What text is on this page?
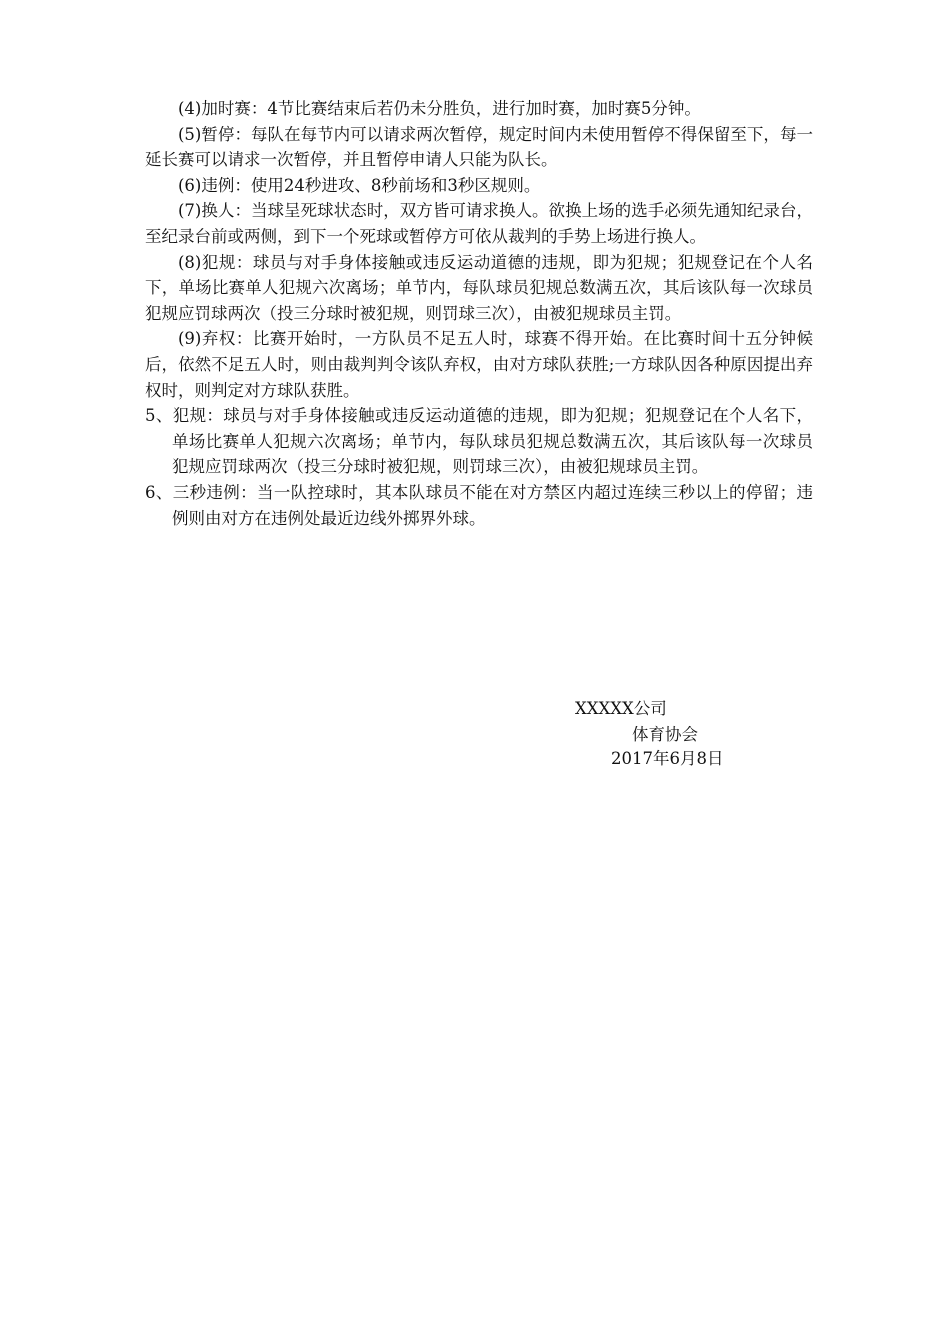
(4)加时赛：4节比赛结束后若仍未分胜负，进行加时赛，加时赛5分钟。

(5)暂停：每队在每节内可以请求两次暂停，规定时间内未使用暂停不得保留至下，每一延长赛可以请求一次暂停，并且暂停申请人只能为队长。

(6)违例：使用24秒进攻、8秒前场和3秒区规则。

(7)换人：当球呈死球状态时，双方皆可请求换人。欲换上场的选手必须先通知纪录台，至纪录台前或两侧，到下一个死球或暂停方可依从裁判的手势上场进行换人。

(8)犯规：球员与对手身体接触或违反运动道德的违规，即为犯规；犯规登记在个人名下，单场比赛单人犯规六次离场；单节内，每队球员犯规总数满五次，其后该队每一次球员犯规应罚球两次（投三分球时被犯规，则罚球三次），由被犯规球员主罚。

(9)弃权：比赛开始时，一方队员不足五人时，球赛不得开始。在比赛时间十五分钟候后，依然不足五人时，则由裁判判令该队弃权，由对方球队获胜;一方球队因各种原因提出弃权时，则判定对方球队获胜。

5、犯规：球员与对手身体接触或违反运动道德的违规，即为犯规；犯规登记在个人名下，单场比赛单人犯规六次离场；单节内，每队球员犯规总数满五次，其后该队每一次球员犯规应罚球两次（投三分球时被犯规，则罚球三次），由被犯规球员主罚。

6、三秒违例：当一队控球时，其本队球员不能在对方禁区内超过连续三秒以上的停留；违例则由对方在违例处最近边线外掷界外球。

XXXXX公司
体育协会
2017年6月8日
